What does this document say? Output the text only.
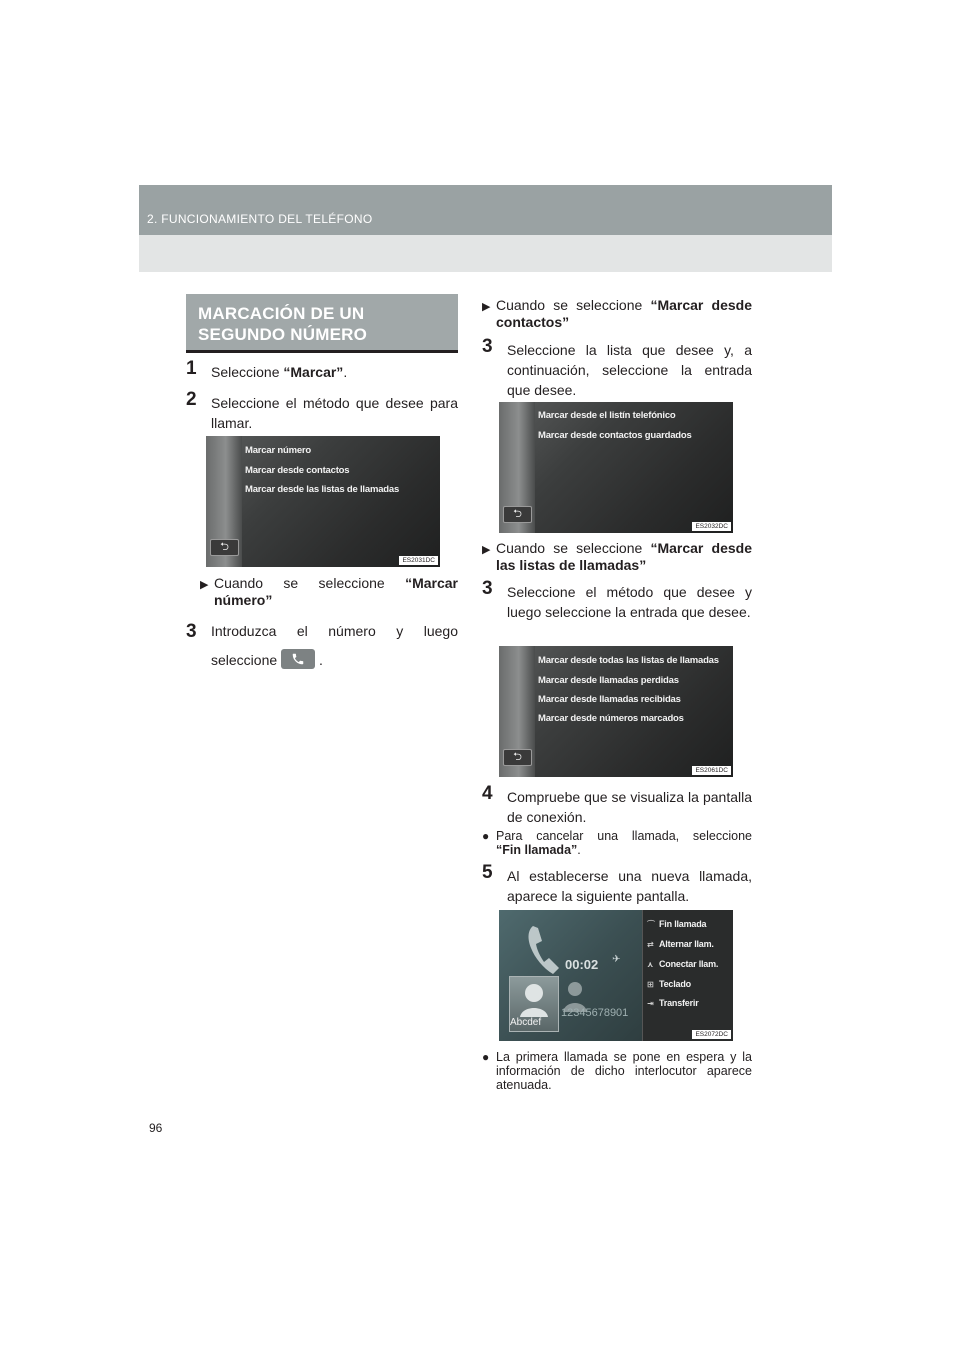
2. FUNCIONAMIENTO DEL TELÉFONO
MARCACIÓN DE UN
SEGUNDO NÚMERO
1	Seleccione “Marcar”.
2	Seleccione el método que desee para llamar.
Marcar número
Marcar desde contactos
Marcar desde las listas de llamadas
⮌
ES2031DC
▶ Cuando se seleccione “Marcar
número”
3	Introduzca el número y luego
seleccione	.
▶ Cuando se seleccione “Marcar desde
contactos”
3	Seleccione la lista que desee y, a continuación, seleccione la entrada que desee.
Marcar desde el listín telefónico
Marcar desde contactos guardados
⮌
ES2032DC
▶ Cuando se seleccione “Marcar desde
las listas de llamadas”
3	Seleccione el método que desee y luego seleccione la entrada que desee.
Marcar desde todas las listas de llamadas
Marcar desde llamadas perdidas
Marcar desde llamadas recibidas
Marcar desde números marcados
⮌
ES2061DC
4	Compruebe que se visualiza la pantalla de conexión.
● Para cancelar una llamada, seleccione
“Fin llamada”.
5	Al establecerse una nueva llamada, aparece la siguiente pantalla.
00:02 ✈
Abcdef
12345678901
⌒ Fin llamada
⇄ Alternar llam.
⋏ Conectar llam.
⊞ Teclado
⇥ Transferir
ES2072DC
● La primera llamada se pone en espera y la información de dicho interlocutor aparece atenuada.
96
